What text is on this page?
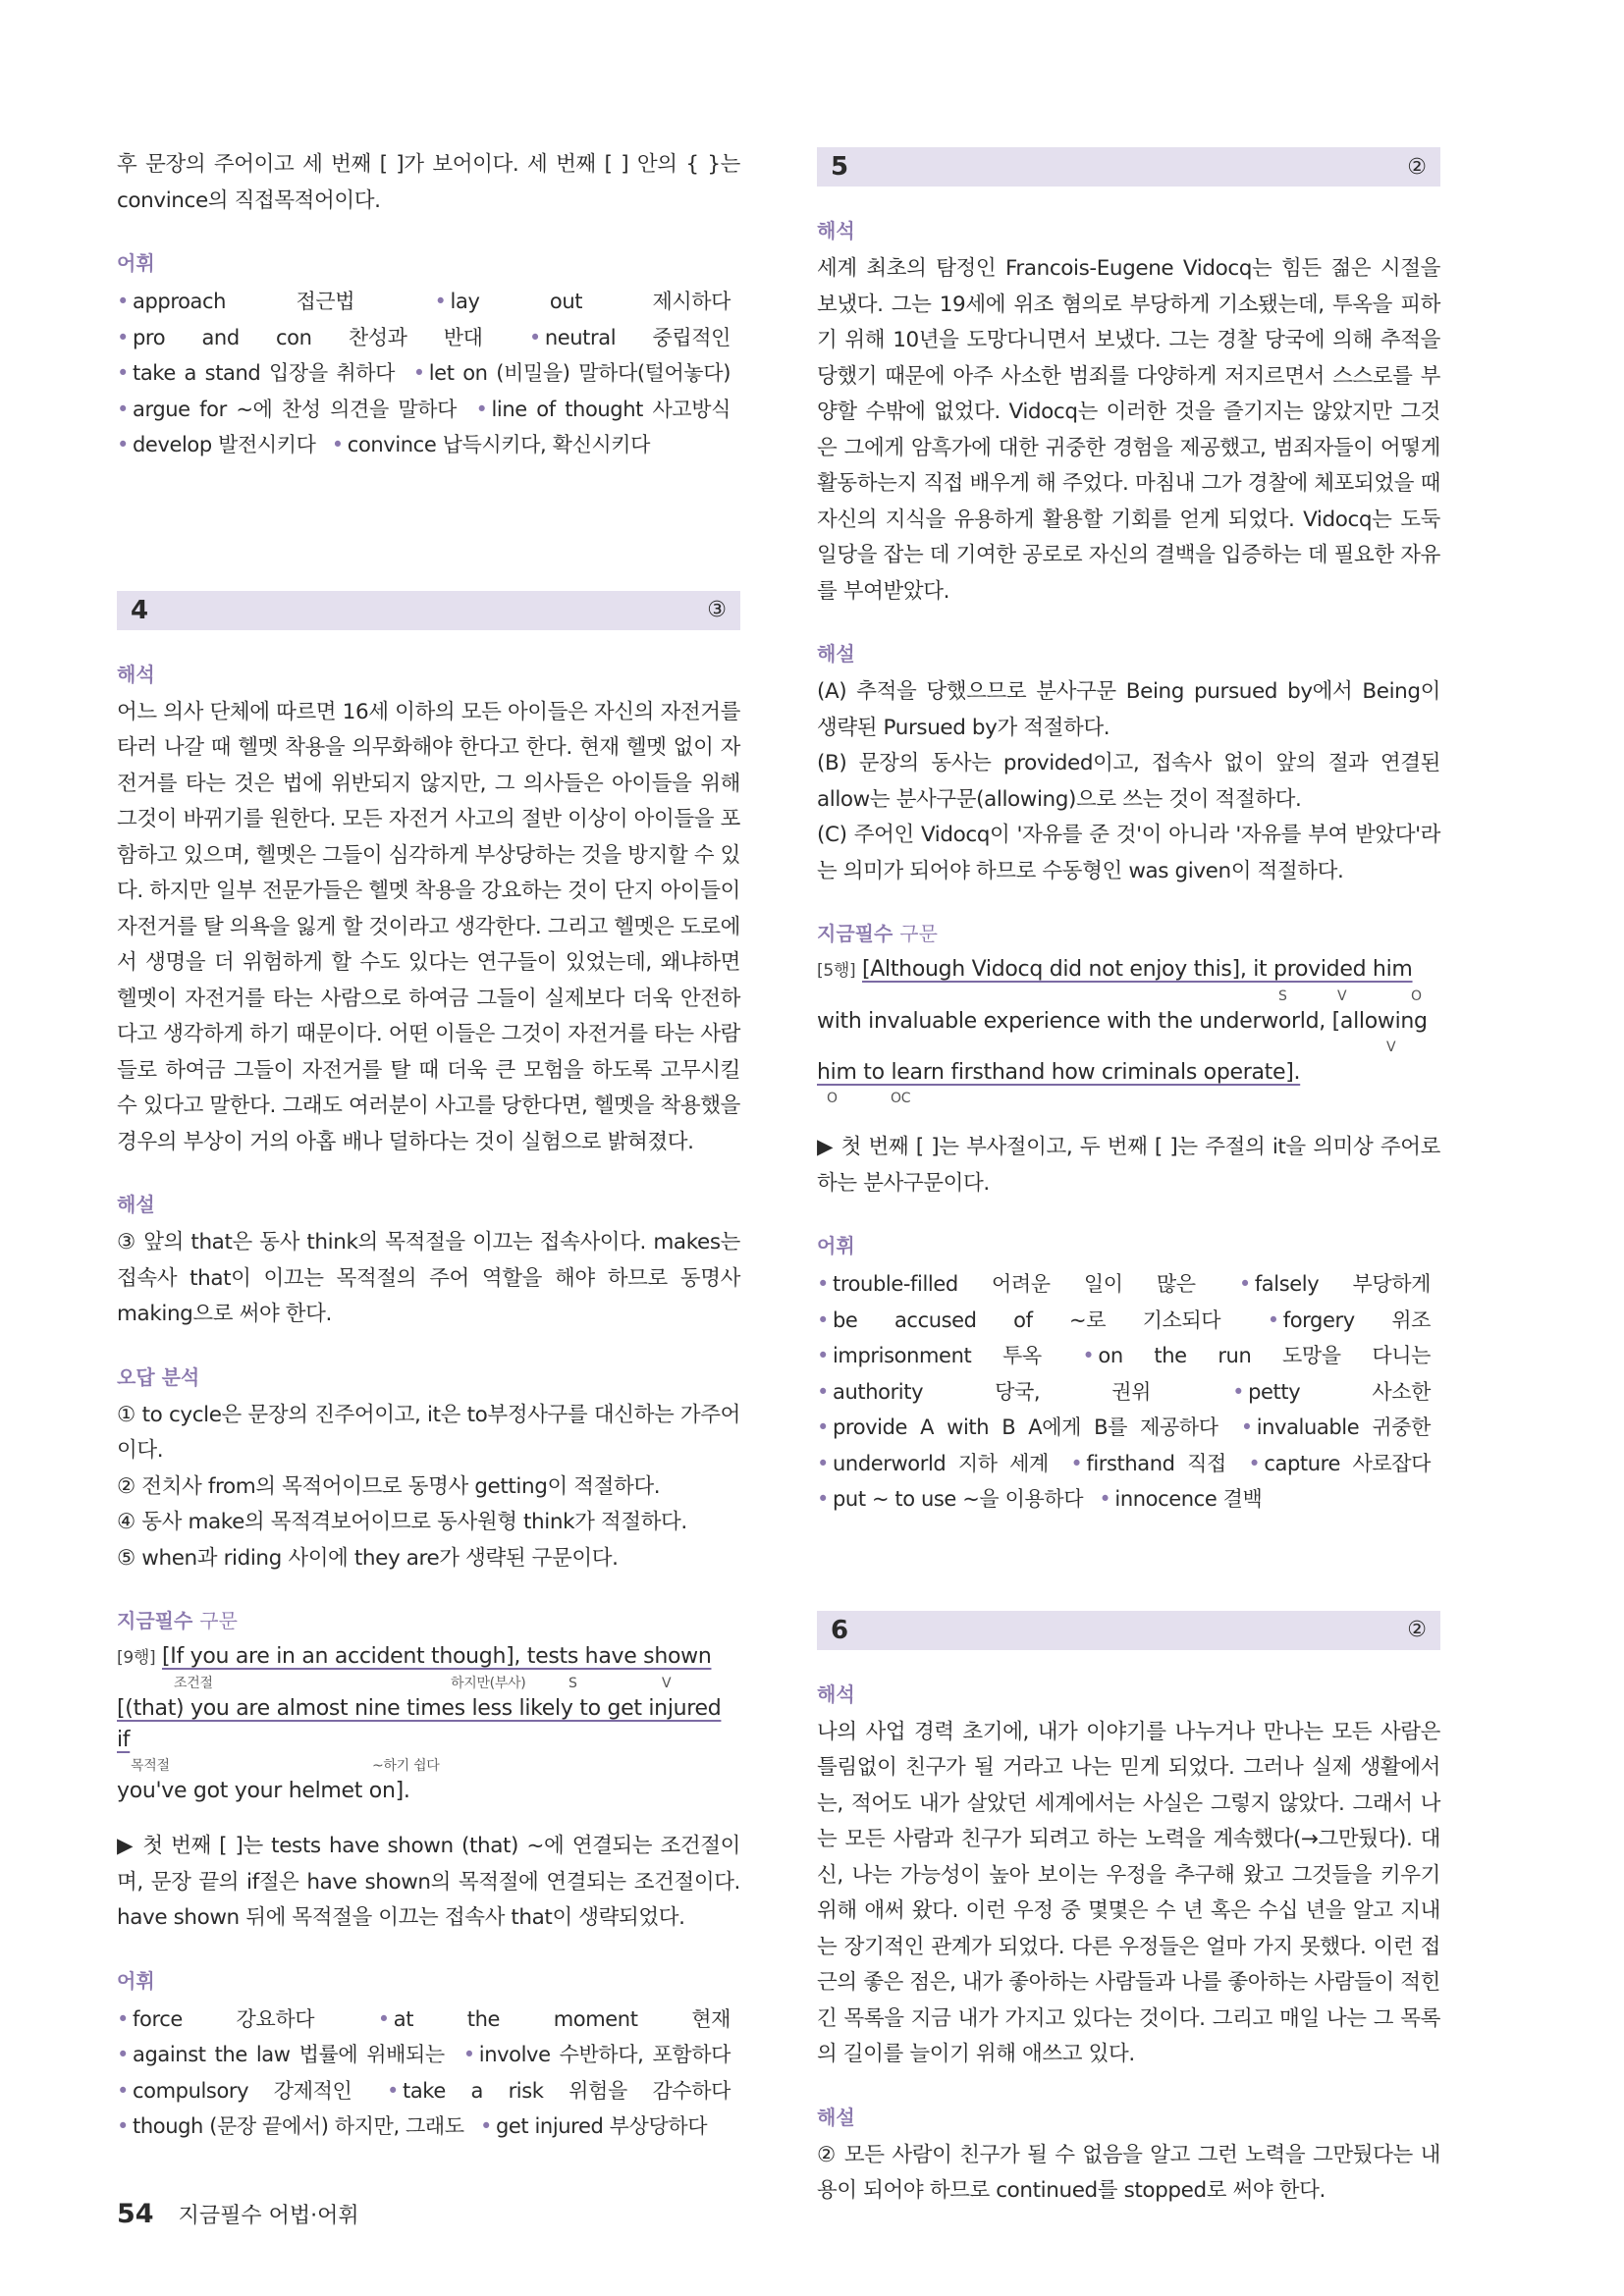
후 문장의 주어이고 세 번째 [ ]가 보어이다. 세 번째 [ ] 안의 { }는 convince의 직접목적어이다.

어휘
• approach 접근법	• lay out 제시하다 • pro and con 찬성과 반대	• neutral 중립적인 • take a stand 입장을 취하다 • let on (비밀을) 말하다(털어놓다) • argue for ~에 찬성 의견을 말하다 • line of thought 사고방식 • develop 발전시키다 • convince 납득시키다, 확신시키다
4	③
해석

어느 의사 단체에 따르면 16세 이하의 모든 아이들은 자신의 자전거를 타러 나갈 때 헬멧 착용을 의무화해야 한다고 한다. 현재 헬멧 없이 자전거를 타는 것은 법에 위반되지 않지만, 그 의사들은 아이들을 위해 그것이 바뀌기를 원한다. 모든 자전거 사고의 절반 이상이 아이들을 포함하고 있으며, 헬멧은 그들이 심각하게 부상당하는 것을 방지할 수 있다. 하지만 일부 전문가들은 헬멧 착용을 강요하는 것이 단지 아이들이 자전거를 탈 의욕을 잃게 할 것이라고 생각한다. 그리고 헬멧은 도로에서 생명을 더 위험하게 할 수도 있다는 연구들이 있었는데, 왜냐하면 헬멧이 자전거를 타는 사람으로 하여금 그들이 실제보다 더욱 안전하다고 생각하게 하기 때문이다. 어떤 이들은 그것이 자전거를 타는 사람들로 하여금 그들이 자전거를 탈 때 더욱 큰 모험을 하도록 고무시킬 수 있다고 말한다. 그래도 여러분이 사고를 당한다면, 헬멧을 착용했을 경우의 부상이 거의 아홉 배나 덜하다는 것이 실험으로 밝혀졌다.

해설

③ 앞의 that은 동사 think의 목적절을 이끄는 접속사이다. makes는 접속사 that이 이끄는 목적절의 주어 역할을 해야 하므로 동명사 making으로 써야 한다.

오답 분석
① to cycle은 문장의 진주어이고, it은 to부정사구를 대신하는 가주어이다.
② 전치사 from의 목적어이므로 동명사 getting이 적절하다.
④ 동사 make의 목적격보어이므로 동사원형 think가 적절하다.
⑤ when과 riding 사이에 they are가 생략된 구문이다.
지금필수 구문
[9행] [If you are in an accident though], tests have shown
조건절	하지만(부사)	S	V
[(that) you are almost nine times less likely to get injured if
목적절	~하기 쉽다
you've got your helmet on].

▶ 첫 번째 [ ]는 tests have shown (that) ~에 연결되는 조건절이며, 문장 끝의 if절은 have shown의 목적절에 연결되는 조건절이다. have shown 뒤에 목적절을 이끄는 접속사 that이 생략되었다.

어휘
• force 강요하다	• at the moment 현재 • against the law 법률에 위배되는 • involve 수반하다, 포함하다 • compulsory 강제적인 • take a risk 위험을 감수하다 • though (문장 끝에서) 하지만, 그래도 • get injured 부상당하다
5	②
해석

세계 최초의 탐정인 Francois-Eugene Vidocq는 힘든 젊은 시절을 보냈다. 그는 19세에 위조 혐의로 부당하게 기소됐는데, 투옥을 피하기 위해 10년을 도망다니면서 보냈다. 그는 경찰 당국에 의해 추적을 당했기 때문에 아주 사소한 범죄를 다양하게 저지르면서 스스로를 부양할 수밖에 없었다. Vidocq는 이러한 것을 즐기지는 않았지만 그것은 그에게 암흑가에 대한 귀중한 경험을 제공했고, 범죄자들이 어떻게 활동하는지 직접 배우게 해 주었다. 마침내 그가 경찰에 체포되었을 때 자신의 지식을 유용하게 활용할 기회를 얻게 되었다. Vidocq는 도둑 일당을 잡는 데 기여한 공로로 자신의 결백을 입증하는 데 필요한 자유를 부여받았다.

해설
(A) 추적을 당했으므로 분사구문 Being pursued by에서 Being이 생략된 Pursued by가 적절하다.
(B) 문장의 동사는 provided이고, 접속사 없이 앞의 절과 연결된 allow는 분사구문(allowing)으로 쓰는 것이 적절하다.
(C) 주어인 Vidocq이 '자유를 준 것'이 아니라 '자유를 부여 받았다'라는 의미가 되어야 하므로 수동형인 was given이 적절하다.
지금필수 구문
[5행] [Although Vidocq did not enjoy this], it provided him
S	V	O
with invaluable experience with the underworld, [allowing
V
him to learn firsthand how criminals operate].
O	OC

▶ 첫 번째 [ ]는 부사절이고, 두 번째 [ ]는 주절의 it을 의미상 주어로 하는 분사구문이다.

어휘
• trouble-filled 어려운 일이 많은	• falsely 부당하게 • be accused of ~로 기소되다	• forgery 위조 • imprisonment 투옥	• on the run 도망을 다니는 • authority 당국, 권위	• petty 사소한 • provide A with B A에게 B를 제공하다 • invaluable 귀중한 • underworld 지하 세계 • firsthand 직접 • capture 사로잡다 • put ~ to use ~을 이용하다 • innocence 결백
6	②
해석

나의 사업 경력 초기에, 내가 이야기를 나누거나 만나는 모든 사람은 틀림없이 친구가 될 거라고 나는 믿게 되었다. 그러나 실제 생활에서는, 적어도 내가 살았던 세계에서는 사실은 그렇지 않았다. 그래서 나는 모든 사람과 친구가 되려고 하는 노력을 계속했다(→그만뒀다). 대신, 나는 가능성이 높아 보이는 우정을 추구해 왔고 그것들을 키우기 위해 애써 왔다. 이런 우정 중 몇몇은 수 년 혹은 수십 년을 알고 지내는 장기적인 관계가 되었다. 다른 우정들은 얼마 가지 못했다. 이런 접근의 좋은 점은, 내가 좋아하는 사람들과 나를 좋아하는 사람들이 적힌 긴 목록을 지금 내가 가지고 있다는 것이다. 그리고 매일 나는 그 목록의 길이를 늘이기 위해 애쓰고 있다.

해설

② 모든 사람이 친구가 될 수 없음을 알고 그런 노력을 그만뒀다는 내용이 되어야 하므로 continued를 stopped로 써야 한다.

54 지금필수 어법·어휘
